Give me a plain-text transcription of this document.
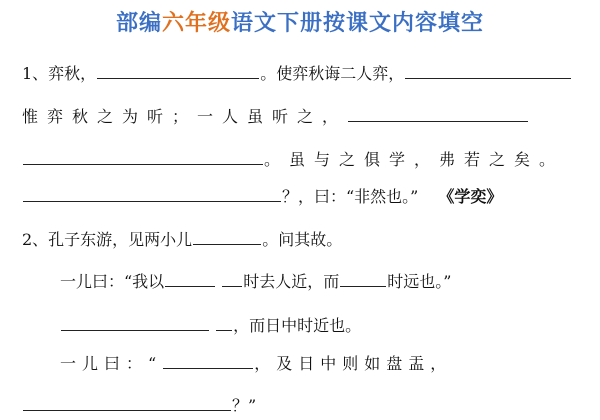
部编六年级语文下册按课文内容填空
1、弈秋，	。使弈秋诲二人弈，
惟弈秋之为听；一人虽听之，
。虽与之俱学，弗若之矣。
？，曰：“非然也。” 《学奕》
2、孔子东游，见两小儿	。问其故。
一儿曰：“我以	时去人近，而	时远也。”
，而日中时近也。
一儿曰：“	，及日中则如盘盂，
？”
